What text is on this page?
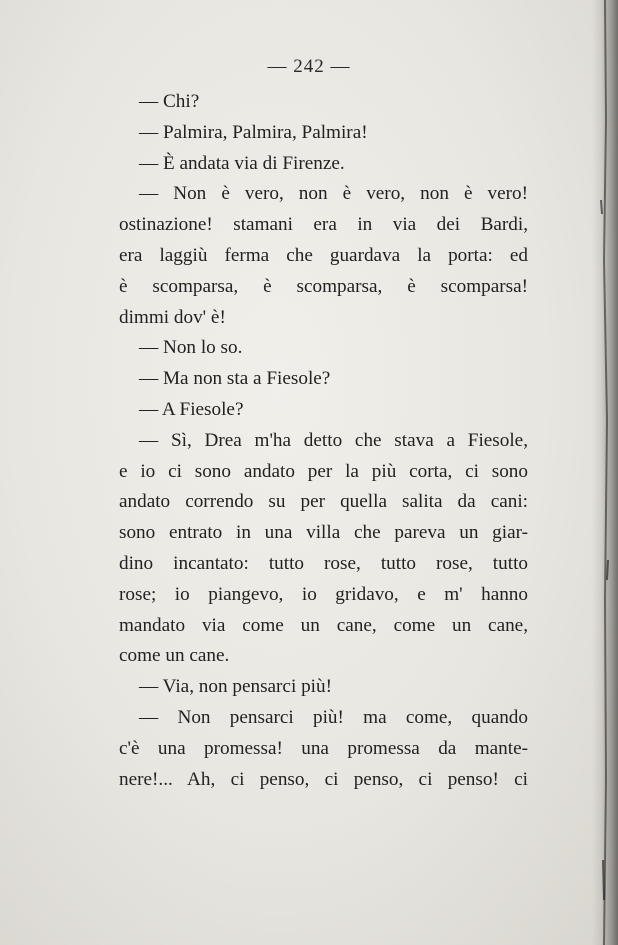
— 242 —
— Chi?
— Palmira, Palmira, Palmira!
— È andata via di Firenze.
— Non è vero, non è vero, non è vero!
ostinazione! stamani era in via dei Bardi,
era laggiù ferma che guardava la porta: ed
è scomparsa, è scomparsa, è scomparsa!
dimmi dov' è!
— Non lo so.
— Ma non sta a Fiesole?
— A Fiesole?
— Sì, Drea m'ha detto che stava a Fiesole,
e io ci sono andato per la più corta, ci sono
andato correndo su per quella salita da cani:
sono entrato in una villa che pareva un giar-
dino incantato: tutto rose, tutto rose, tutto
rose; io piangevo, io gridavo, e m' hanno
mandato via come un cane, come un cane,
come un cane.
— Via, non pensarci più!
— Non pensarci più! ma come, quando
c'è una promessa! una promessa da mante-
nere!... Ah, ci penso, ci penso, ci penso! ci
